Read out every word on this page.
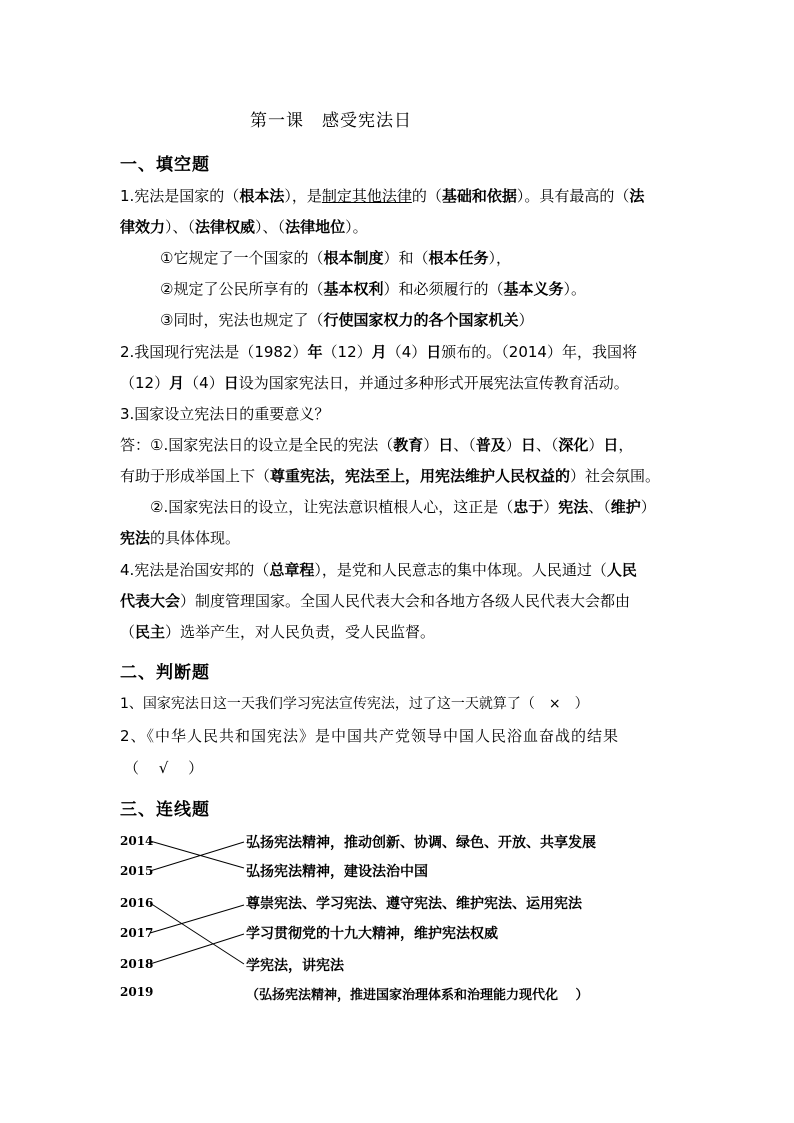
第一课　感受宪法日
一、填空题
1.宪法是国家的（根本法），是制定其他法律的（基础和依据）。具有最高的（法
律效力）、（法律权威）、（法律地位）。
①它规定了一个国家的（根本制度）和（根本任务），
②规定了公民所享有的（基本权利）和必须履行的（基本义务）。
③同时，宪法也规定了（行使国家权力的各个国家机关）
2.我国现行宪法是（1982）年（12）月（4）日颁布的。（2014）年，我国将
（12）月（4）日设为国家宪法日，并通过多种形式开展宪法宣传教育活动。
3.国家设立宪法日的重要意义？
答：①.国家宪法日的设立是全民的宪法（教育）日、（普及）日、（深化）日，
有助于形成举国上下（尊重宪法，宪法至上，用宪法维护人民权益的）社会氛围。
②.国家宪法日的设立，让宪法意识植根人心，这正是（忠于）宪法、（维护）
宪法的具体体现。
4.宪法是治国安邦的（总章程），是党和人民意志的集中体现。人民通过（人民
代表大会）制度管理国家。全国人民代表大会和各地方各级人民代表大会都由
（民主）选举产生，对人民负责，受人民监督。
二、判断题
1、国家宪法日这一天我们学习宪法宣传宪法，过了这一天就算了（　×　）
2、《中华人民共和国宪法》是中国共产党领导中国人民浴血奋战的结果
（　 √　 ）
三、连线题
2014
2015
2016
2017
2018
2019
弘扬宪法精神，推动创新、协调、绿色、开放、共享发展
弘扬宪法精神，建设法治中国
尊崇宪法、学习宪法、遵守宪法、维护宪法、运用宪法
学习贯彻党的十九大精神，维护宪法权威
学宪法，讲宪法
（弘扬宪法精神，推进国家治理体系和治理能力现代化　 ）
